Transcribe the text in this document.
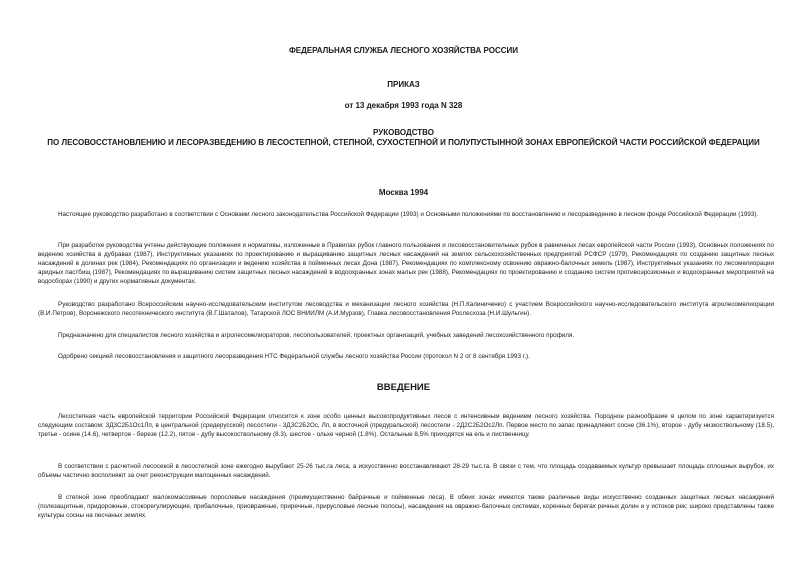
ФЕДЕРАЛЬНАЯ СЛУЖБА ЛЕСНОГО ХОЗЯЙСТВА РОССИИ

ПРИКАЗ

от 13 декабря 1993 года N 328

РУКОВОДСТВО

ПО ЛЕСОВОССТАНОВЛЕНИЮ И ЛЕСОРАЗВЕДЕНИЮ В ЛЕСОСТЕПНОЙ, СТЕПНОЙ, СУХОСТЕПНОЙ И ПОЛУПУСТЫННОЙ ЗОНАХ ЕВРОПЕЙСКОЙ ЧАСТИ РОССИЙСКОЙ ФЕДЕРАЦИИ

Москва 1994

Настоящее руководство разработано в соответствии с Основами лесного законодательства Российской Федерации (1993) и Основными положениями по восстановлению и лесоразведению в лесном фонде Российской Федерации (1993).

При разработке руководства учтены действующие положения и нормативы, изложенные в Правилах рубок главного пользования и лесовосстановительных рубок в равнинных лесах европейской части России (1993), Основных положениях по ведению хозяйства в дубравах (1987), Инструктивных указаниях по проектированию и выращиванию защитных лесных насаждений на землях сельскохозяйственных предприятий РСФСР (1979), Рекомендациях по созданию защитных лесных насаждений в долинах рек (1984), Рекомендациях по организации и ведению хозяйства в пойменных лесах Дона (1987), Рекомендациях по комплексному освоению овражно-балочных земель (1987), Инструктивных указаниях по лесомелиорации аридных пастбищ (1987), Рекомендациях по выращиванию систем защитных лесных насаждений в водоохранных зонах малых рек (1988), Рекомендациях по проектированию и созданию систем противоэрозионных и водоохранных мероприятий на водосборах (1990) и других нормативных документах.

Руководство разработано Всероссийским научно-исследовательским институтом лесоводства и механизации лесного хозяйства (Н.П.Калиниченко) с участием Всероссийского научно-исследовательского института агролесомелиорации (В.И.Петров), Воронежского лесотехнического института (В.Г.Шаталов), Татарской ЛОС ВНИИЛМ (А.И.Мурзов), Главка лесовосстановления Рослесхоза (Н.И.Шульгин).

Предназначено для специалистов лесного хозяйства и агролесомелиораторов, лесопользователей, проектных организаций, учебных заведений лесохозяйственного профиля.

Одобрено секцией лесовосстановления и защитного лесоразведения НТС Федеральной службы лесного хозяйства России (протокол N 2 от 8 сентября 1993 г.).

ВВЕДЕНИЕ

Лесостепная часть европейской территории Российской Федерации относится к зоне особо ценных высокопродуктивных лесов с интенсивным ведением лесного хозяйства. Породное разнообразие в целом по зоне характеризуется следующим составом: 3Д3С2Б1Ос1Лп, в центральной (средерусской) лесостепи - 3Д3С2Б2Ос, Лп, в восточной (предуральской) лесостепи - 2Д2С2Б2Ос2Лп. Первое место по запас принадлежит сосне (36.1%), второе - дубу низкоствольному (18.5), третье - осине (14.6), четвертое - березе (12.2), пятое - дубу высокоствольному (8.3), шестое - ольхе черной (1.8%). Остальные 8,5% приходятся на ель и лиственницу.

В соответствии с расчетной лесосекой в лесостепной зоне ежегодно вырубают 25-26 тыс.га леса, а искусственно восстанавливают 28-29 тыс.га. В связи с тем, что площадь создаваемых культур превышает площадь сплошных вырубок, их объемы частично восполняют за счет реконструкции малоценных насаждений.

В степной зоне преобладают малокомассивные порослевые насаждения (преимущественно байрачные и пойменные леса). В обеих зонах имеются также различные виды искусственно созданных защитных лесных насаждений (полезащитные, придорожные, стокорегулирующие, прибалочные, приовражные, приречные, прирусловые лесные полосы), насаждения на овражно-балочных системах, коренных берегах речных долин и у истоков рек; широко представлены также культуры сосны на песчаных землях.
